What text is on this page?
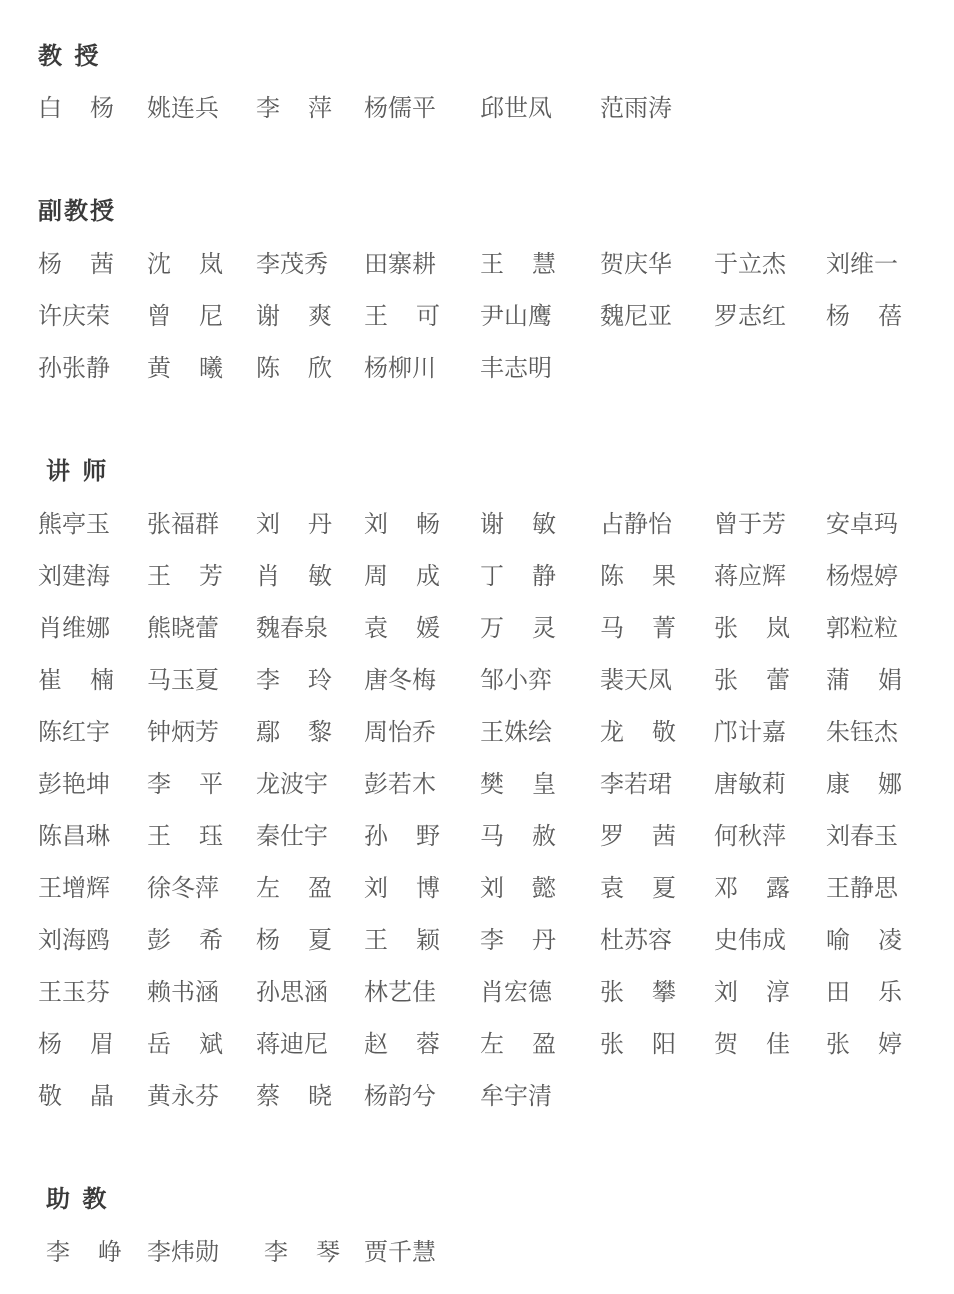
教 授
白 杨 姚连兵 李 萍 杨儒平 邱世凤 范雨涛
副教授
杨 茜 沈 岚 李茂秀 田寨耕 王 慧 贺庆华 于立杰 刘维一
许庆荣 曾 尼 谢 爽 王 可 尹山鹰 魏尼亚 罗志红 杨 蓓
孙张静 黄 曦 陈 欣 杨柳川 丰志明
讲 师
熊亭玉 张福群 刘 丹 刘 畅 谢 敏 占静怡 曾于芳 安卓玛
刘建海 王 芳 肖 敏 周 成 丁 静 陈 果 蒋应辉 杨煜婷
肖维娜 熊晓蕾 魏春泉 袁 媛 万 灵 马 菁 张 岚 郭粒粒
崔 楠 马玉夏 李 玲 唐冬梅 邹小弈 裴天凤 张 蕾 蒲 娟
陈红宇 钟炳芳 鄢 黎 周怡乔 王姝绘 龙 敬 邝计嘉 朱钰杰
彭艳坤 李 平 龙波宇 彭若木 樊 皇 李若珺 唐敏莉 康 娜
陈昌琳 王 珏 秦仕宇 孙 野 马 赦 罗 茜 何秋萍 刘春玉
王增辉 徐冬萍 左 盈 刘 博 刘 懿 袁 夏 邓 露 王静思
刘海鸥 彭 希 杨 夏 王 颖 李 丹 杜苏容 史伟成 喻 凌
王玉芬 赖书涵 孙思涵 林艺佳 肖宏德 张 攀 刘 淳 田 乐
杨 眉 岳 斌 蒋迪尼 赵 蓉 左 盈 张 阳 贺 佳 张 婷
敬 晶 黄永芬 蔡 晓 杨韵兮 牟宇清
助 教
李 峥 李炜勋 李 琴 贾千慧
